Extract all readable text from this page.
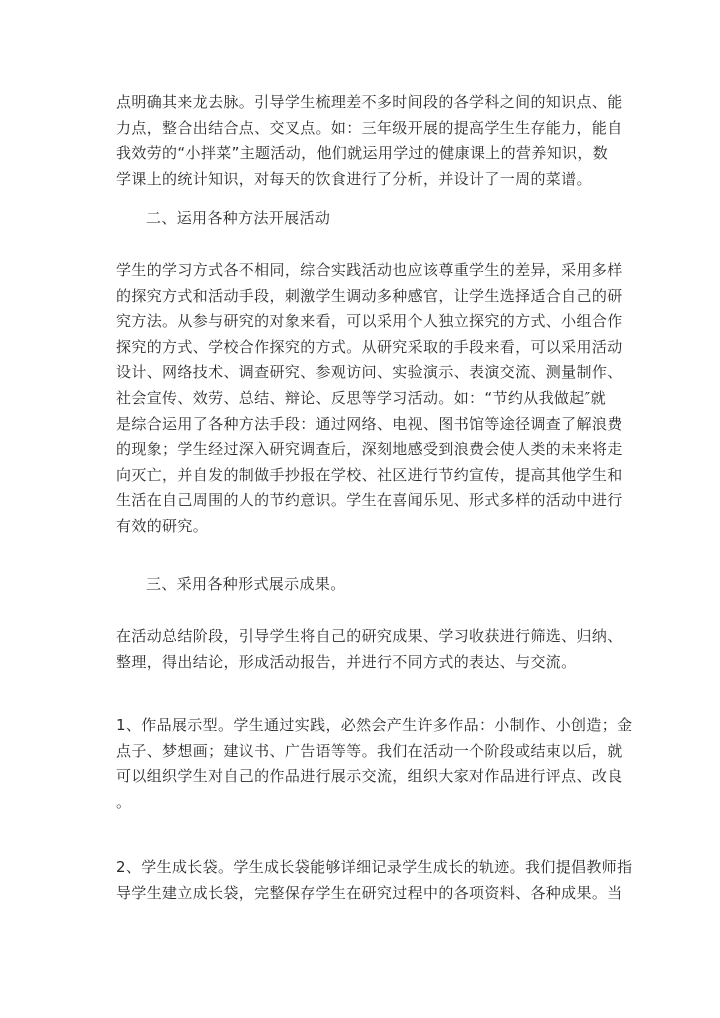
点明确其来龙去脉。引导学生梳理差不多时间段的各学科之间的知识点、能
力点，整合出结合点、交叉点。如：三年级开展的提高学生生存能力，能自
我效劳的“小拌菜”主题活动，他们就运用学过的健康课上的营养知识，数
学课上的统计知识，对每天的饮食进行了分析，并设计了一周的菜谱。
二、运用各种方法开展活动
学生的学习方式各不相同，综合实践活动也应该尊重学生的差异，采用多样
的探究方式和活动手段，刺激学生调动多种感官，让学生选择适合自己的研
究方法。从参与研究的对象来看，可以采用个人独立探究的方式、小组合作
探究的方式、学校合作探究的方式。从研究采取的手段来看，可以采用活动
设计、网络技术、调查研究、参观访问、实验演示、表演交流、测量制作、
社会宣传、效劳、总结、辩论、反思等学习活动。如：“节约从我做起″就
是综合运用了各种方法手段：通过网络、电视、图书馆等途径调查了解浪费
的现象；学生经过深入研究调查后，深刻地感受到浪费会使人类的未来将走
向灭亡，并自发的制做手抄报在学校、社区进行节约宣传，提高其他学生和
生活在自己周围的人的节约意识。学生在喜闻乐见、形式多样的活动中进行
有效的研究。
三、采用各种形式展示成果。
在活动总结阶段，引导学生将自己的研究成果、学习收获进行筛选、归纳、
整理，得出结论，形成活动报告，并进行不同方式的表达、与交流。
1、作品展示型。学生通过实践，必然会产生许多作品：小制作、小创造；金
点子、梦想画；建议书、广告语等等。我们在活动一个阶段或结束以后，就
可以组织学生对自己的作品进行展示交流，组织大家对作品进行评点、改良
。
2、学生成长袋。学生成长袋能够详细记录学生成长的轨迹。我们提倡教师指
导学生建立成长袋，完整保存学生在研究过程中的各项资料、各种成果。当
